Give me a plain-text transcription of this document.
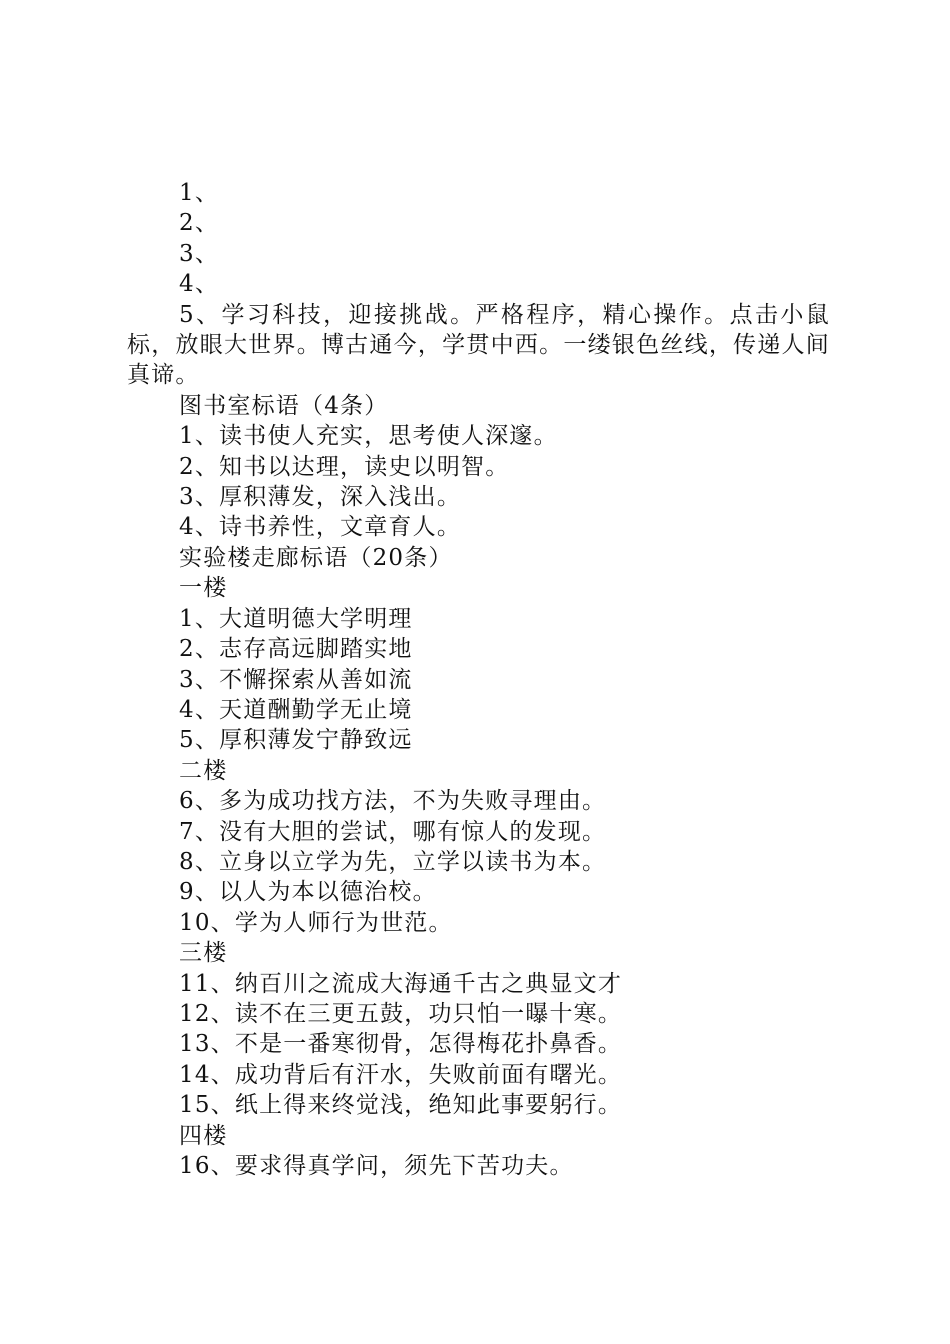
1、

2、

3、

4、

5、学习科技，迎接挑战。严格程序，精心操作。点击小鼠标，放眼大世界。博古通今，学贯中西。一缕银色丝线，传递人间真谛。

图书室标语（4条）

1、读书使人充实，思考使人深邃。

2、知书以达理，读史以明智。

3、厚积薄发，深入浅出。

4、诗书养性，文章育人。

实验楼走廊标语（20条）

一楼

1、大道明德大学明理

2、志存高远脚踏实地

3、不懈探索从善如流

4、天道酬勤学无止境

5、厚积薄发宁静致远

二楼

6、多为成功找方法，不为失败寻理由。

7、没有大胆的尝试，哪有惊人的发现。

8、立身以立学为先，立学以读书为本。

9、以人为本以德治校。

10、学为人师行为世范。

三楼

11、纳百川之流成大海通千古之典显文才

12、读不在三更五鼓，功只怕一曝十寒。

13、不是一番寒彻骨，怎得梅花扑鼻香。

14、成功背后有汗水，失败前面有曙光。

15、纸上得来终觉浅，绝知此事要躬行。

四楼

16、要求得真学问，须先下苦功夫。
